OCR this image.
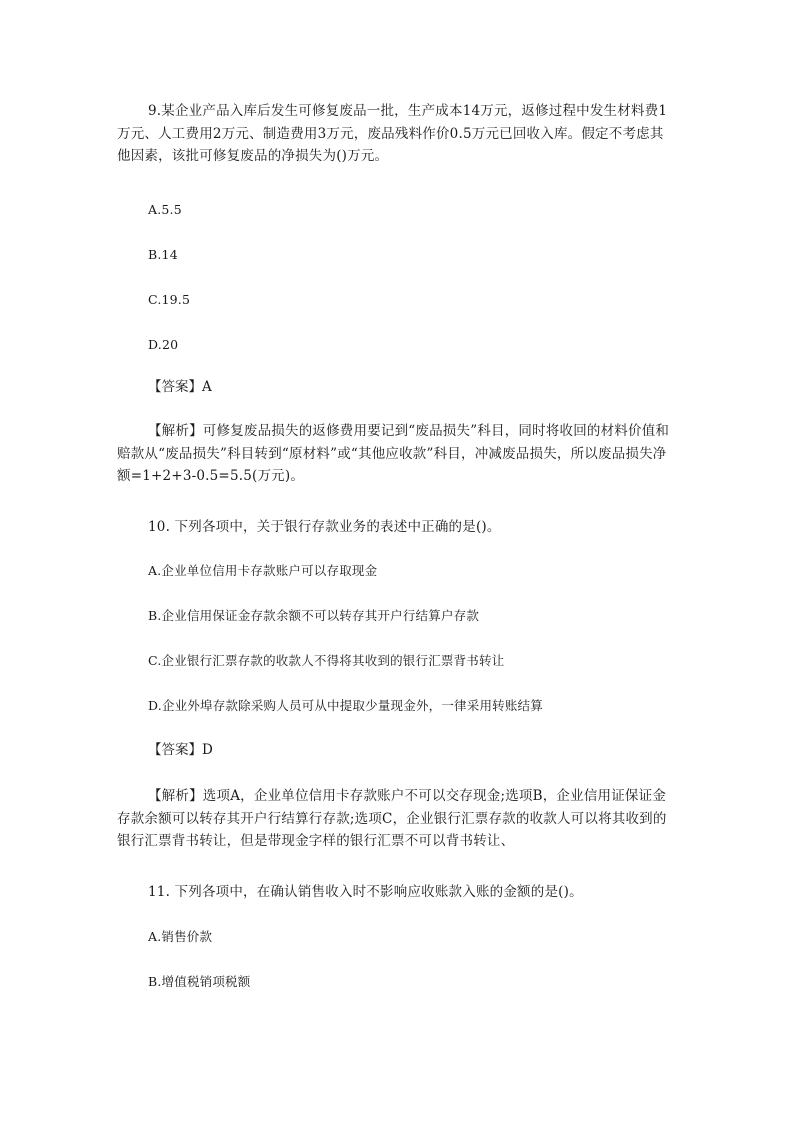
9.某企业产品入库后发生可修复废品一批，生产成本14万元，返修过程中发生材料费1万元、人工费用2万元、制造费用3万元，废品残料作价0.5万元已回收入库。假定不考虑其他因素，该批可修复废品的净损失为()万元。

A.5.5

B.14

C.19.5

D.20

【答案】A

【解析】可修复废品损失的返修费用要记到“废品损失”科目，同时将收回的材料价值和赔款从“废品损失”科目转到“原材料”或“其他应收款”科目，冲减废品损失，所以废品损失净额=1+2+3-0.5=5.5(万元)。

10. 下列各项中，关于银行存款业务的表述中正确的是()。

A.企业单位信用卡存款账户可以存取现金

B.企业信用保证金存款余额不可以转存其开户行结算户存款

C.企业银行汇票存款的收款人不得将其收到的银行汇票背书转让

D.企业外埠存款除采购人员可从中提取少量现金外，一律采用转账结算

【答案】D

【解析】选项A，企业单位信用卡存款账户不可以交存现金;选项B，企业信用证保证金存款余额可以转存其开户行结算行存款;选项C，企业银行汇票存款的收款人可以将其收到的银行汇票背书转让，但是带现金字样的银行汇票不可以背书转让、

11. 下列各项中，在确认销售收入时不影响应收账款入账的金额的是()。

A.销售价款

B.增值税销项税额
